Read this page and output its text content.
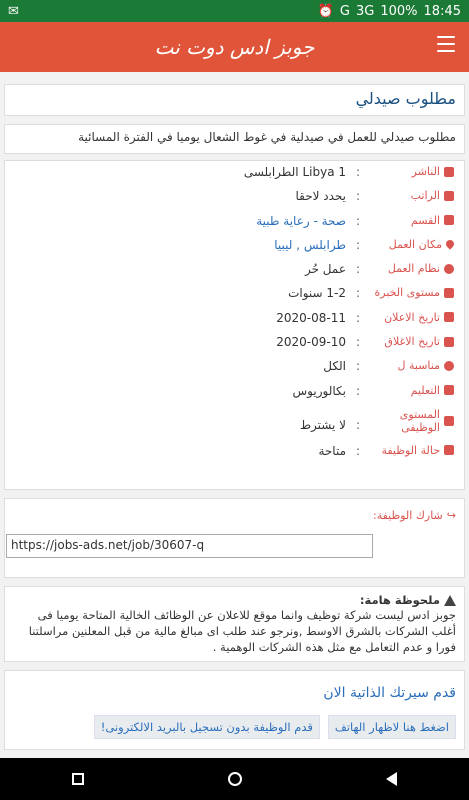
✉	⏰ G 3G 100% 18:45
جوبز ادس دوت نت
مطلوب صيدلي
مطلوب صيدلي للعمل في صيدلية في غوط الشعال يوميا في الفترة المسائية
الناشر
:
Libya 1 الطرابلسى
الراتب
:
يحدد لاحقا
القسم
:
صحة - رعاية طبية
مكان العمل
:
طرابلس , ليبيا
نظام العمل
:
عمل حُر
مستوى الخبرة
:
1-2 سنوات
تاريخ الاعلان
:
2020-08-11
تاريخ الاغلاق
:
2020-09-10
مناسبة ل
:
الكل
التعليم
:
بكالوريوس
المستوى الوظيفى
:
لا يشترط
حالة الوظيفة
:
متاحة
↪
شارك الوظيفة:
https://jobs-ads.net/job/30607-q
ملحوظة هامة:
جوبز ادس ليست شركة توظيف وانما موقع للاعلان عن الوظائف الخالية المتاحة يوميا فى أغلب الشركات بالشرق الاوسط ,ونرجو عند طلب اى مبالغ مالية من قبل المعلنين مراسلتنا فورا و عدم التعامل مع مثل هذه الشركات الوهمية .
قدم سيرتك الذاتية الان
اضغط هنا لاظهار الهاتف
قدم الوظيفة بدون تسجيل بالبريد الالكترونى!
